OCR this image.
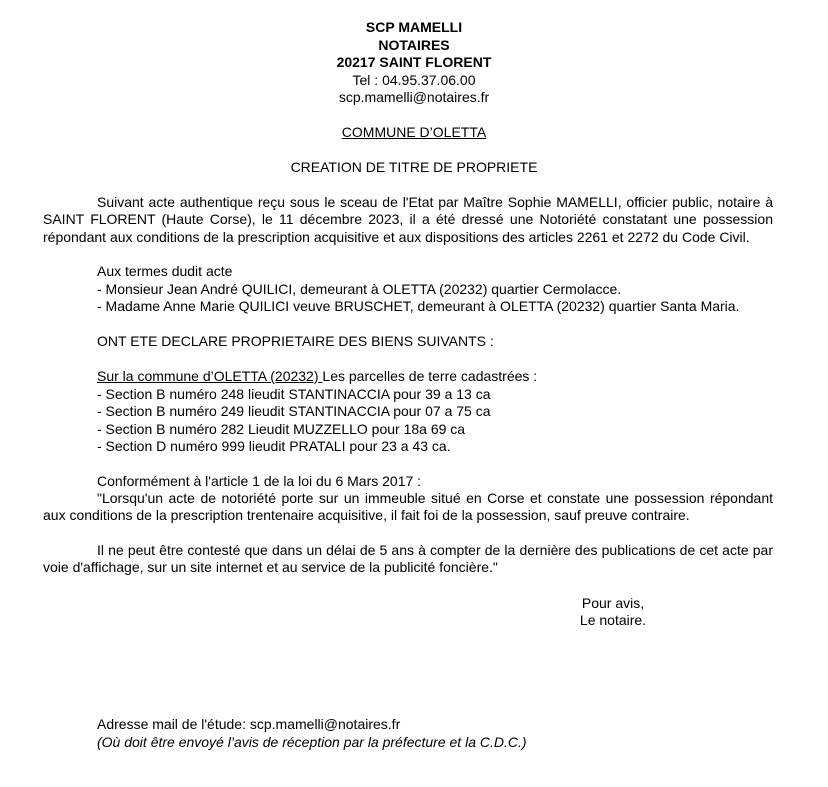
SCP MAMELLI
NOTAIRES
20217 SAINT FLORENT
Tel : 04.95.37.06.00
scp.mamelli@notaires.fr
COMMUNE D’OLETTA
CREATION DE TITRE DE PROPRIETE
Suivant acte authentique reçu sous le sceau de l'Etat par Maître Sophie MAMELLI, officier public, notaire à SAINT FLORENT (Haute Corse), le 11 décembre 2023, il a été dressé une Notoriété constatant une possession répondant aux conditions de la prescription acquisitive et aux dispositions des articles 2261 et 2272 du Code Civil.
Aux termes dudit acte
- Monsieur Jean André QUILICI, demeurant à OLETTA (20232) quartier Cermolacce.
- Madame Anne Marie QUILICI veuve BRUSCHET, demeurant à OLETTA (20232) quartier Santa Maria.
ONT ETE DECLARE PROPRIETAIRE DES BIENS SUIVANTS :
Sur la commune d’OLETTA (20232) Les parcelles de terre cadastrées :
- Section B numéro 248 lieudit STANTINACCIA pour 39 a 13 ca
- Section B numéro 249 lieudit STANTINACCIA pour 07 a 75 ca
- Section B numéro 282 Lieudit MUZZELLO pour 18a 69 ca
- Section D numéro 999 lieudit PRATALI pour 23 a 43 ca.
Conformément à l'article 1 de la loi du 6 Mars 2017 :
"Lorsqu'un acte de notoriété porte sur un immeuble situé en Corse et constate une possession répondant aux conditions de la prescription trentenaire acquisitive, il fait foi de la possession, sauf preuve contraire.
Il ne peut être contesté que dans un délai de 5 ans à compter de la dernière des publications de cet acte par voie d'affichage, sur un site internet et au service de la publicité foncière."
Pour avis,
Le notaire.
Adresse mail de l'étude: scp.mamelli@notaires.fr
(Où doit être envoyé l’avis de réception par la préfecture et la C.D.C.)
